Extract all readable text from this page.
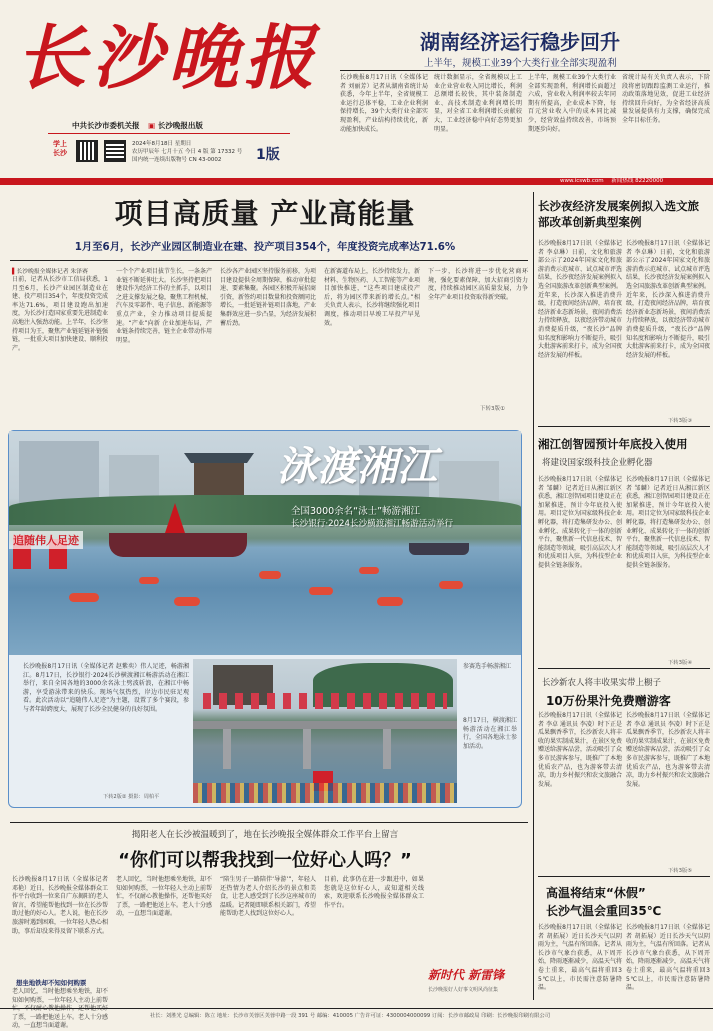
长沙晚报
中共长沙市委机关报 ▣ 长沙晚报出版
学上
长沙
2024年8月18日 星期日
农历甲辰年 七月十五 今日 4 版 第 17332 号
国内统一连续出版物号 CN 43-0002	1版
湖南经济运行稳步回升
上半年，规模工业39个大类行业全部实现盈利
长沙晚报8月17日讯（全媒体记者 刘丽芳）记者从湖南省统计局获悉，今年上半年，全省规模工业运行总体平稳，工业企业利润保持增长，39个大类行业全部实现盈利，产业结构持续优化，新动能加快成长。
统计数据显示，全省规模以上工业企业营业收入同比增长，利润总额增长较快，其中装备制造业、高技术制造业利润增长明显，对全省工业利润增长贡献较大，工业经济稳中向好态势更加明显。
上半年，规模工业39个大类行业全部实现盈利，利润增长面超过六成，营业收入利润率较去年同期有所提高，企业成本下降，每百元营业收入中的成本同比减少，经营效益持续改善，市场预期逐步向好。
省统计局有关负责人表示，下阶段将密切跟踪监测工业运行，推动政策落地见效，促进工业经济持续回升向好，为全省经济高质量发展提供有力支撑，确保完成全年目标任务。
www.icswb.com 新闻热线 82220000
项目高质量 产业高能量
1月至6月，长沙产业园区制造业在建、投产项目354个，年度投资完成率达71.6%
▌长沙晚报全媒体记者 朱泽赛
日前，记者从长沙市工信局获悉，1月至6月，长沙产业园区制造业在建、投产项目354个，年度投资完成率达71.6%，项目建设跑出加速度，为长沙打造国家重要先进制造业高地注入强劲动能。上半年，长沙坚持项目为王，聚焦产业链延链补链强链，一批重大项目加快建设、顺利投产。
一个个产业项目拔节生长，一条条产业链不断延伸壮大。长沙坚持把项目建设作为经济工作的主抓手，以项目之进支撑发展之稳，聚焦工程机械、汽车及零部件、电子信息、新能源等重点产业，全力推动项目提质提速。“产业”向新 企业加速布局，产业链条持续完善，链主企业带动作用明显。
长沙各产业园区坚持服务前移，为项目建设提供全周期保障，推动审批提速、要素集聚。各园区积极开展招商引资，新签约项目数量和投资额同比增长，一批延链补链项目落地，产业集群效应进一步凸显，为经济发展积蓄后劲。
在新赛道布局上，长沙持续发力，新材料、生物医药、人工智能等产业项目加快推进，“这些项目建成投产后，将为园区带来新的增长点。”相关负责人表示，长沙将继续强化项目调度，推动项目早竣工早投产早见效。
下一步，长沙将进一步优化营商环境，强化要素保障，加大招商引资力度，持续推动园区高质量发展，力争全年产业项目投资取得新突破。
下转3版①
泳渡湘江
全国3000余名“泳士”畅游湘江
长沙银行·2024长沙横渡湘江畅游活动举行
追随伟人足迹
长沙晚报8月17日讯（全媒体记者 赵紫奕）伟人足迹，畅游湘江。8月17日，长沙银行·2024长沙横渡湘江畅游活动在湘江举行，来自全国各地的3000余名泳士劈波斩浪，在湘江中畅游，享受游泳带来的快乐。现场气氛热烈，岸边市民驻足观看。此次活动以“追随伟人足迹”为主题，设置了多个赛段，参与者年龄跨度大，展现了长沙全民健身的良好氛围。
参赛选手畅游湘江
8月17日，横渡湘江畅游活动在湘江举行，全国各地泳士参加活动。
下转2版② 摄影：周柏平
长沙夜经济发展案例拟入选文旅部改革创新典型案例
长沙晚报8月17日讯（全媒体记者 李卓琳）日前，文化和旅游部公示了2024年国家文化和旅游消费示范城市、试点城市评选结果，长沙夜经济发展案例拟入选全国旅游改革创新典型案例。近年来，长沙深入推进消费升级，打造夜间经济品牌，培育夜经济新业态新场景，夜间消费活力持续释放，以夜经济带动城市消费提质升级，“夜长沙”品牌知名度和影响力不断提升，吸引大批游客前来打卡，成为全国夜经济发展的样板。
长沙晚报8月17日讯（全媒体记者 李卓琳）日前，文化和旅游部公示了2024年国家文化和旅游消费示范城市、试点城市评选结果，长沙夜经济发展案例拟入选全国旅游改革创新典型案例。近年来，长沙深入推进消费升级，打造夜间经济品牌，培育夜经济新业态新场景，夜间消费活力持续释放，以夜经济带动城市消费提质升级，“夜长沙”品牌知名度和影响力不断提升，吸引大批游客前来打卡，成为全国夜经济发展的样板。
下转3版③
湘江创智园预计年底投入使用
将建设国家级科技企业孵化器
长沙晚报8月17日讯（全媒体记者 邹麟）记者近日从湘江新区获悉，湘江创智园项目建设正在加紧推进，预计今年底投入使用。项目定位为国家级科技企业孵化器，将打造集研发办公、创业孵化、成果转化于一体的创新平台，聚焦新一代信息技术、智能制造等领域，吸引高层次人才和优质项目入驻，为科技型企业提供全链条服务。
长沙晚报8月17日讯（全媒体记者 邹麟）记者近日从湘江新区获悉，湘江创智园项目建设正在加紧推进，预计今年底投入使用。项目定位为国家级科技企业孵化器，将打造集研发办公、创业孵化、成果转化于一体的创新平台，聚焦新一代信息技术、智能制造等领域，吸引高层次人才和优质项目入驻，为科技型企业提供全链条服务。
下转3版④
长沙新农人将丰收果实带上橱子
10万份果汁免费赠游客
长沙晚报8月17日讯（全媒体记者 李卓 通讯员 李凌）时下正是瓜果飘香季节，长沙新农人将丰收的果实制成果汁，在景区免费赠送给游客品尝，活动吸引了众多市民游客参与，既推广了本地优质农产品，也为游客带去清凉，助力乡村振兴和农文旅融合发展。
长沙晚报8月17日讯（全媒体记者 李卓 通讯员 李凌）时下正是瓜果飘香季节，长沙新农人将丰收的果实制成果汁，在景区免费赠送给游客品尝，活动吸引了众多市民游客参与，既推广了本地优质农产品，也为游客带去清凉，助力乡村振兴和农文旅融合发展。
下转3版⑤
高温将结束“休假”
长沙气温会重回35℃
长沙晚报8月17日讯（全媒体记者 胡拓展）近日长沙天气以阴雨为主，气温有所回落。记者从长沙市气象台获悉，从下周开始，降雨逐渐减少，高温天气将卷土重来，最高气温将重回35℃以上，市民需注意防暑降温。
长沙晚报8月17日讯（全媒体记者 胡拓展）近日长沙天气以阴雨为主，气温有所回落。记者从长沙市气象台获悉，从下周开始，降雨逐渐减少，高温天气将卷土重来，最高气温将重回35℃以上，市民需注意防暑降温。
揭阳老人在长沙被温暖到了，地在长沙晚报全媒体群众工作平台上留言
“你们可以帮我找到一位好心人吗？”
长沙晚报8月17日讯（全媒体记者 邓艳）近日，长沙晚报全媒体群众工作平台收到一位来自广东揭阳的老人留言，希望能帮他找到一位在长沙帮助过他的好心人。老人说，他在长沙旅游时遇到困难，一位年轻人热心相助，事后却没来得及留下联系方式。
想坐地铁却不知如何购票
老人回忆，当时他想乘坐地铁，却不知如何购票，一位年轻人主动上前帮 了票，一路把他送上车。老人十分感动，一直想当面道谢。
老人回忆，当时他想乘坐地铁，却不知如何购票，一位年轻人主动上前帮忙，不仅耐心教他操作，还帮他买好了票，一路把他送上车。老人十分感动，一直想当面道谢。
“陪生男子一路陪伴‘导游’”，年轻人还热情为老人介绍长沙的景点和美食，让老人感受到了长沙这座城市的温暖。记者随即联系相关部门，希望能帮助老人找到这位好心人。
目前，此事仍在进一步跟进中，如果您就是这位好心人，或知道相关线索，欢迎联系长沙晚报全媒体群众工作平台。
新时代 新雷锋
长沙晚报好人好事文明风尚征集
社长：刘胜光 总编辑：陈立 地址：长沙市芙蓉区芙蓉中路一段 391 号 邮编：410005 广告许可证：4300004000099 订阅：长沙市邮政局 印刷：长沙晚报印刷有限公司
